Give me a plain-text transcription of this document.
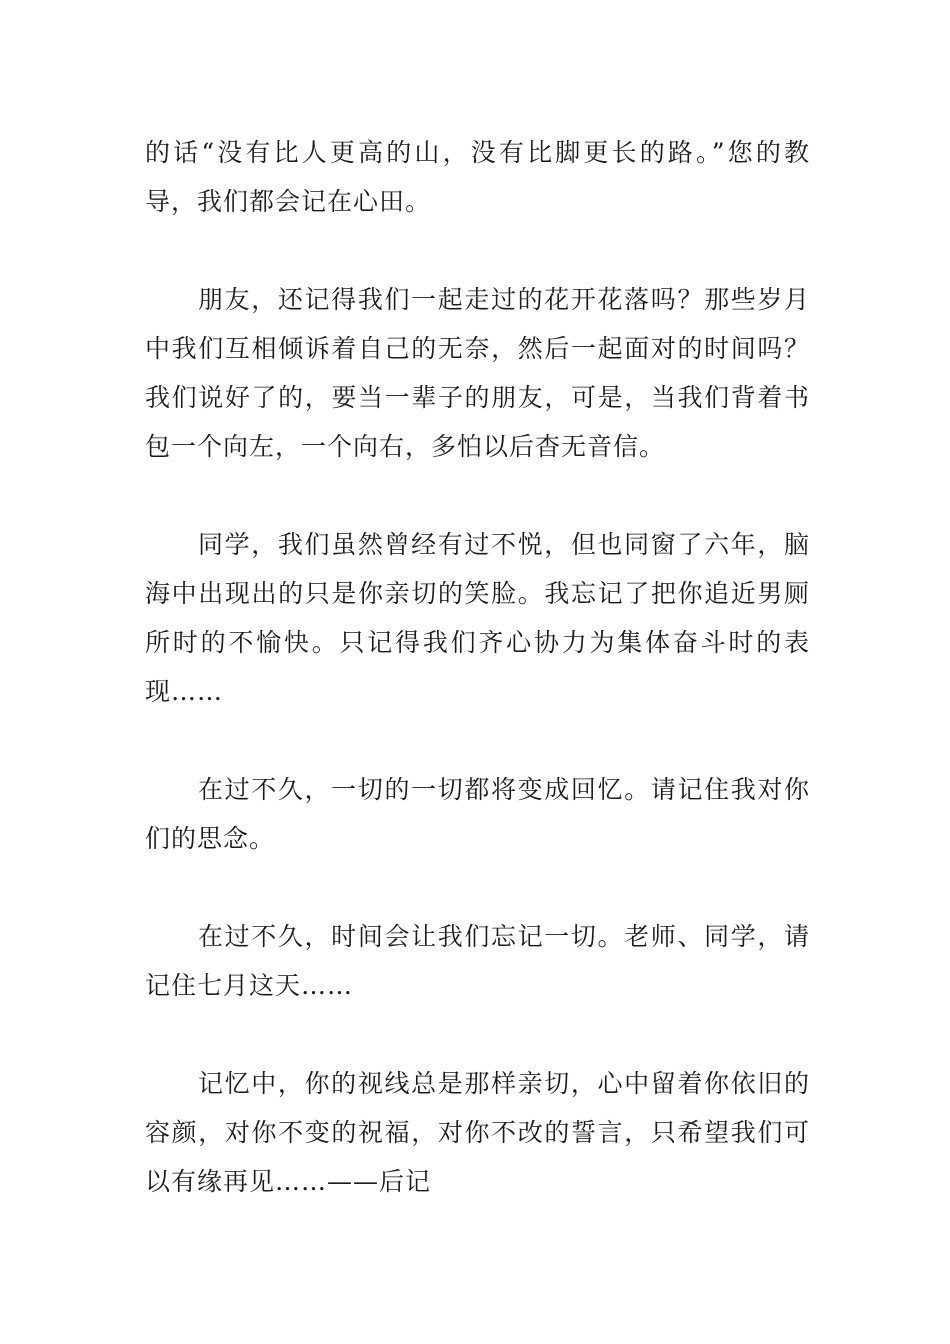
的话“没有比人更高的山，没有比脚更长的路。”您的教导，我们都会记在心田。

朋友，还记得我们一起走过的花开花落吗？那些岁月中我们互相倾诉着自己的无奈，然后一起面对的时间吗？我们说好了的，要当一辈子的朋友，可是，当我们背着书包一个向左，一个向右，多怕以后杳无音信。

同学，我们虽然曾经有过不悦，但也同窗了六年，脑海中出现出的只是你亲切的笑脸。我忘记了把你追近男厕所时的不愉快。只记得我们齐心协力为集体奋斗时的表现……

在过不久，一切的一切都将变成回忆。请记住我对你们的思念。

在过不久，时间会让我们忘记一切。老师、同学，请记住七月这天……

记忆中，你的视线总是那样亲切，心中留着你依旧的容颜，对你不变的祝福，对你不改的誓言，只希望我们可以有缘再见……——后记
